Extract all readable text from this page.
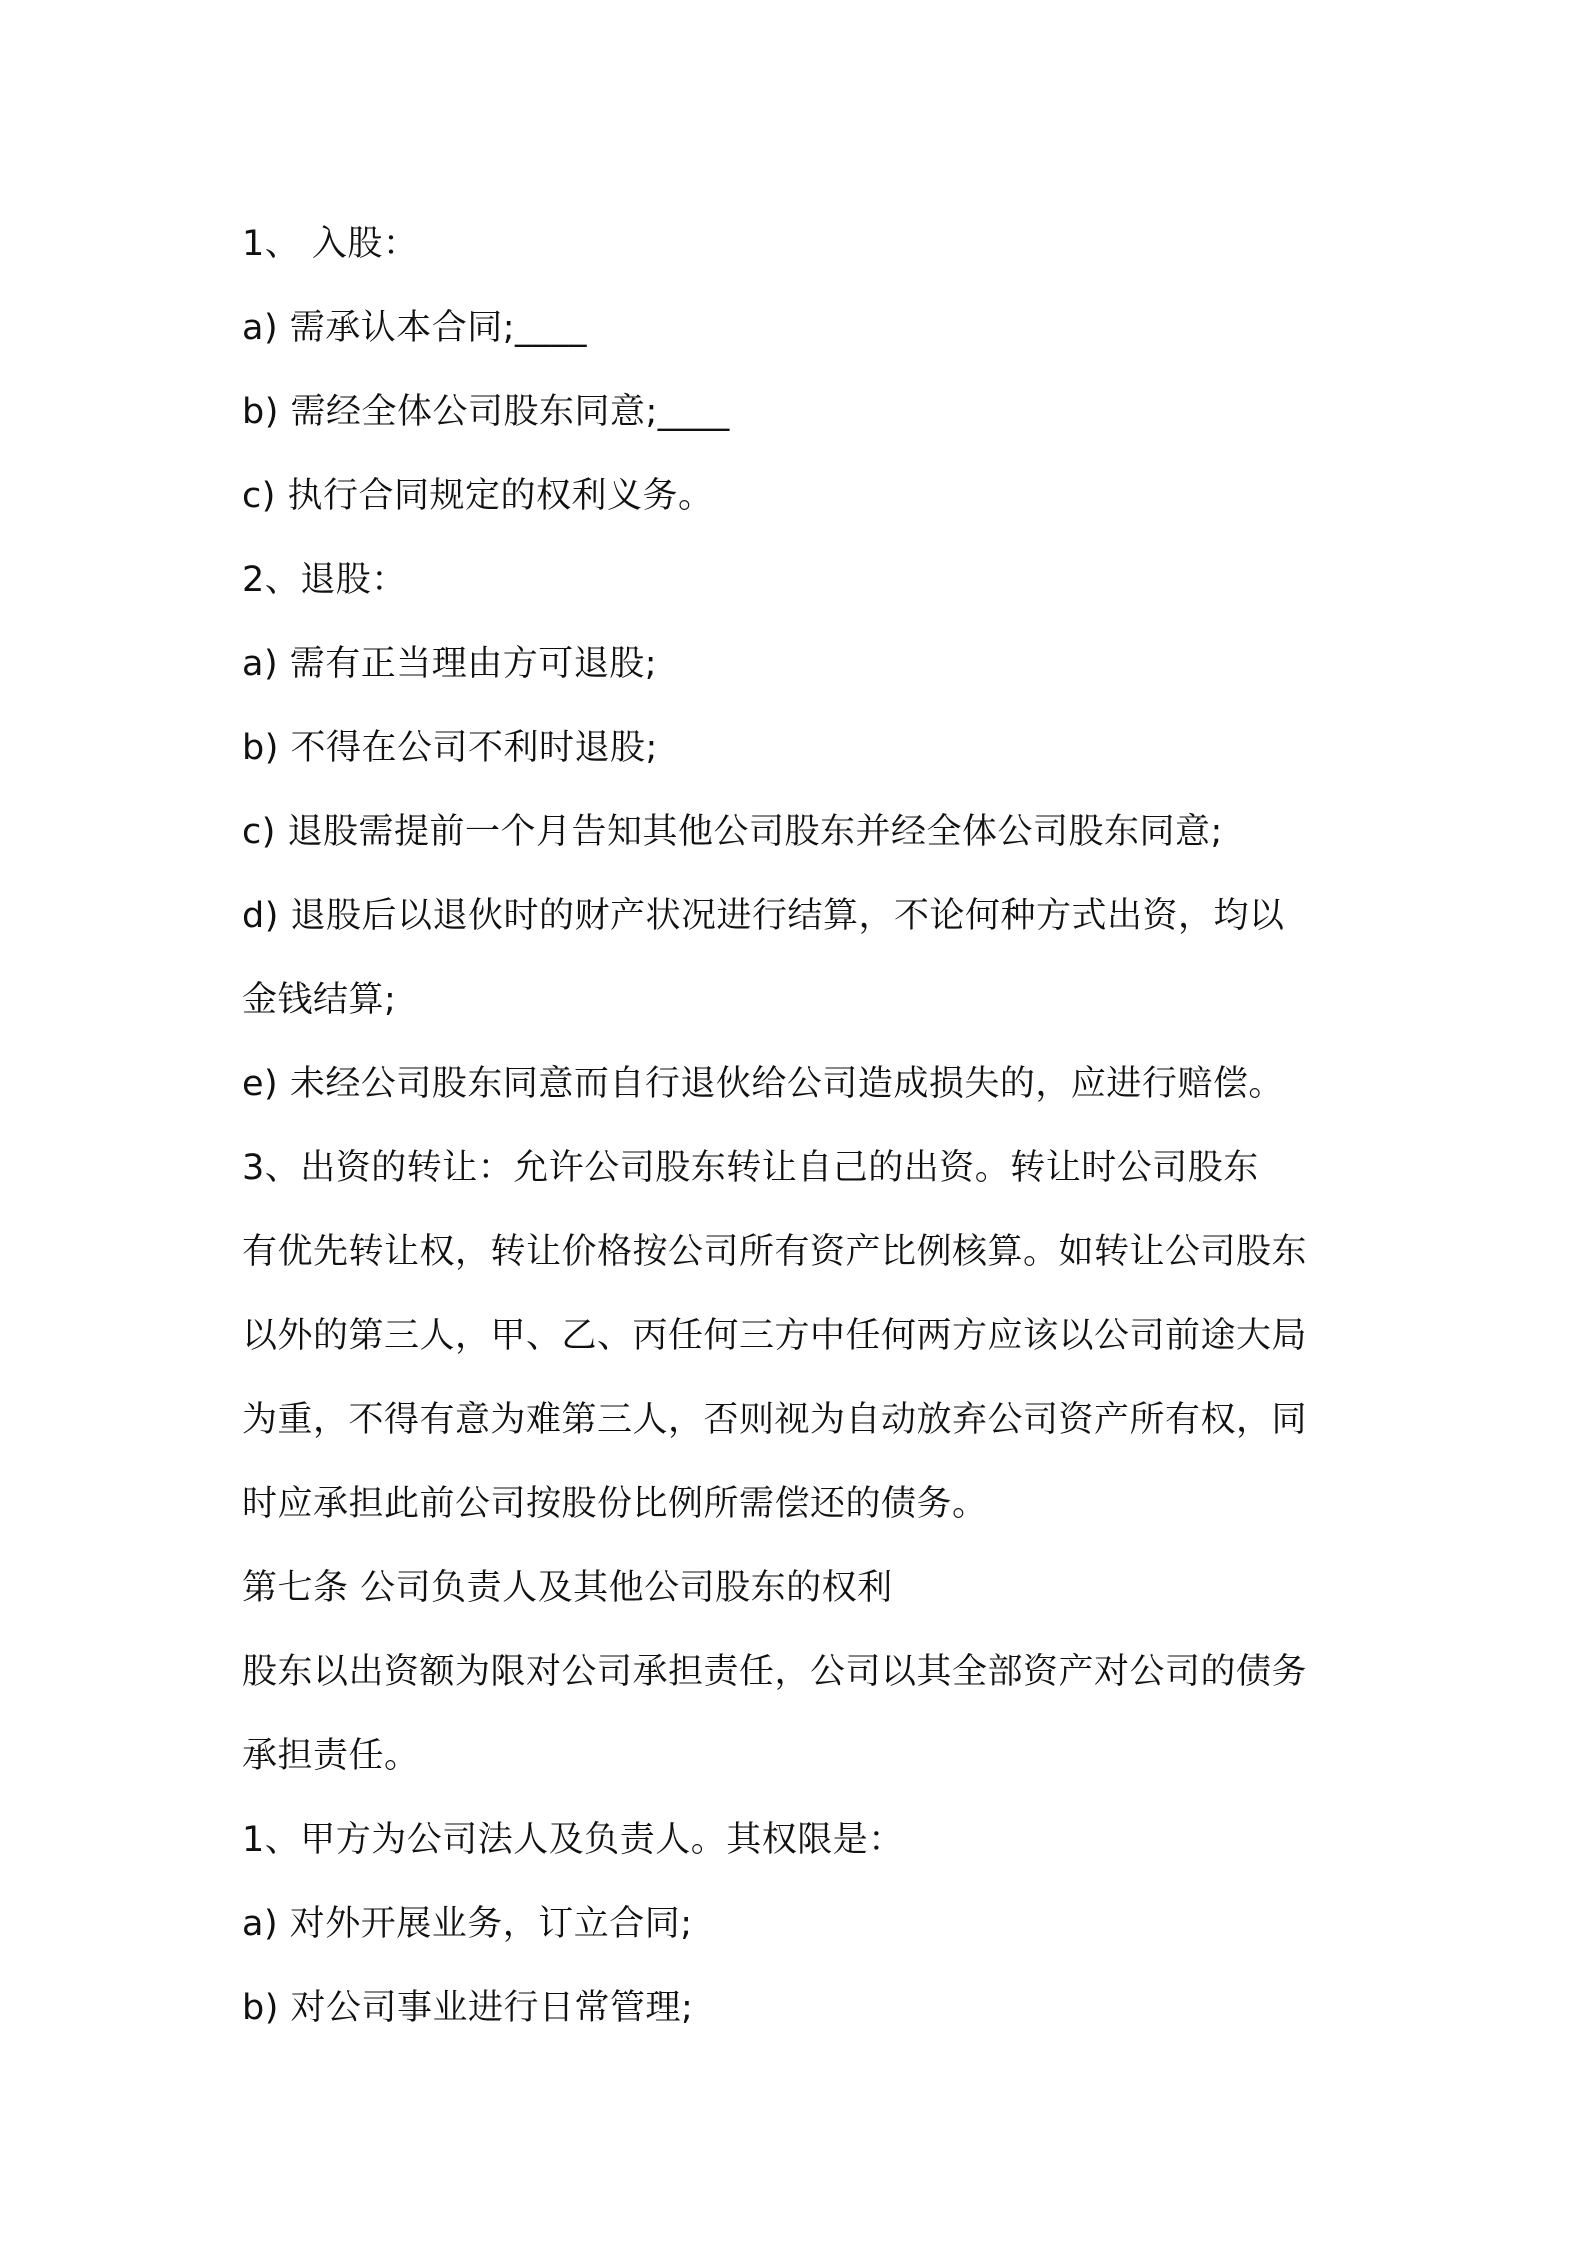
1、 入股：
a) 需承认本合同;____
b) 需经全体公司股东同意;____
c) 执行合同规定的权利义务。
2、退股：
a) 需有正当理由方可退股;
b) 不得在公司不利时退股;
c) 退股需提前一个月告知其他公司股东并经全体公司股东同意;
d) 退股后以退伙时的财产状况进行结算，不论何种方式出资，均以
金钱结算;
e) 未经公司股东同意而自行退伙给公司造成损失的，应进行赔偿。
3、出资的转让：允许公司股东转让自己的出资。转让时公司股东
有优先转让权，转让价格按公司所有资产比例核算。如转让公司股东
以外的第三人，甲、乙、丙任何三方中任何两方应该以公司前途大局
为重，不得有意为难第三人，否则视为自动放弃公司资产所有权，同
时应承担此前公司按股份比例所需偿还的债务。
第七条 公司负责人及其他公司股东的权利
股东以出资额为限对公司承担责任，公司以其全部资产对公司的债务
承担责任。
1、甲方为公司法人及负责人。其权限是：
a) 对外开展业务，订立合同;
b) 对公司事业进行日常管理;
